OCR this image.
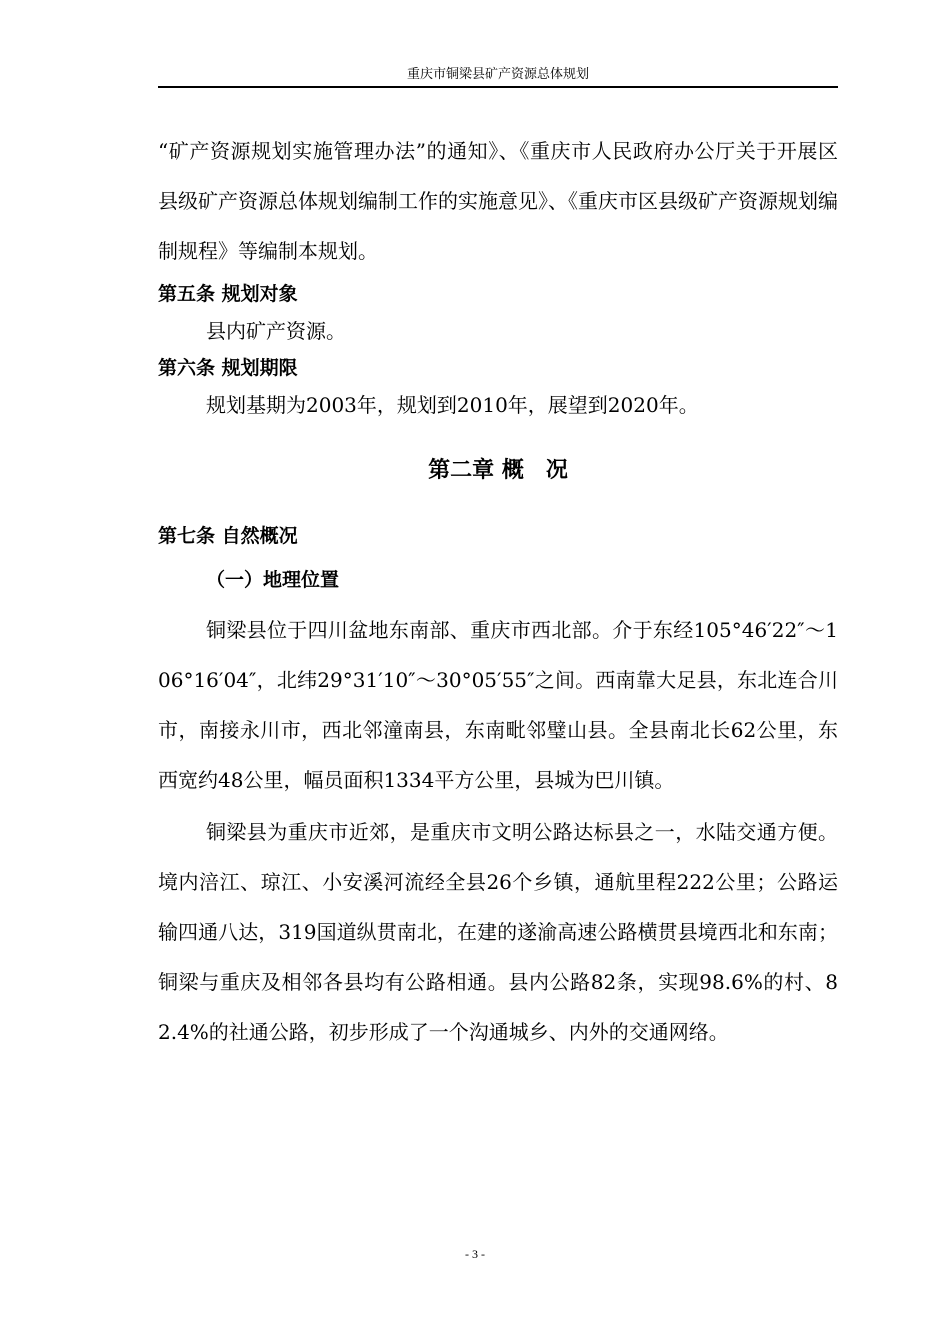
重庆市铜梁县矿产资源总体规划

“矿产资源规划实施管理办法”的通知》、《重庆市人民政府办公厅关于开展区县级矿产资源总体规划编制工作的实施意见》、《重庆市区县级矿产资源规划编制规程》等编制本规划。

第五条 规划对象

县内矿产资源。

第六条 规划期限

规划基期为2003年，规划到2010年，展望到2020年。

第二章 概　况

第七条 自然概况

（一）地理位置

铜梁县位于四川盆地东南部、重庆市西北部。介于东经105°46′22″～106°16′04″，北纬29°31′10″～30°05′55″之间。西南靠大足县，东北连合川市，南接永川市，西北邻潼南县，东南毗邻璧山县。全县南北长62公里，东西宽约48公里，幅员面积1334平方公里，县城为巴川镇。

铜梁县为重庆市近郊，是重庆市文明公路达标县之一，水陆交通方便。境内涪江、琼江、小安溪河流经全县26个乡镇，通航里程222公里；公路运输四通八达，319国道纵贯南北，在建的遂渝高速公路横贯县境西北和东南；铜梁与重庆及相邻各县均有公路相通。县内公路82条，实现98.6%的村、82.4%的社通公路，初步形成了一个沟通城乡、内外的交通网络。

- 3 -
